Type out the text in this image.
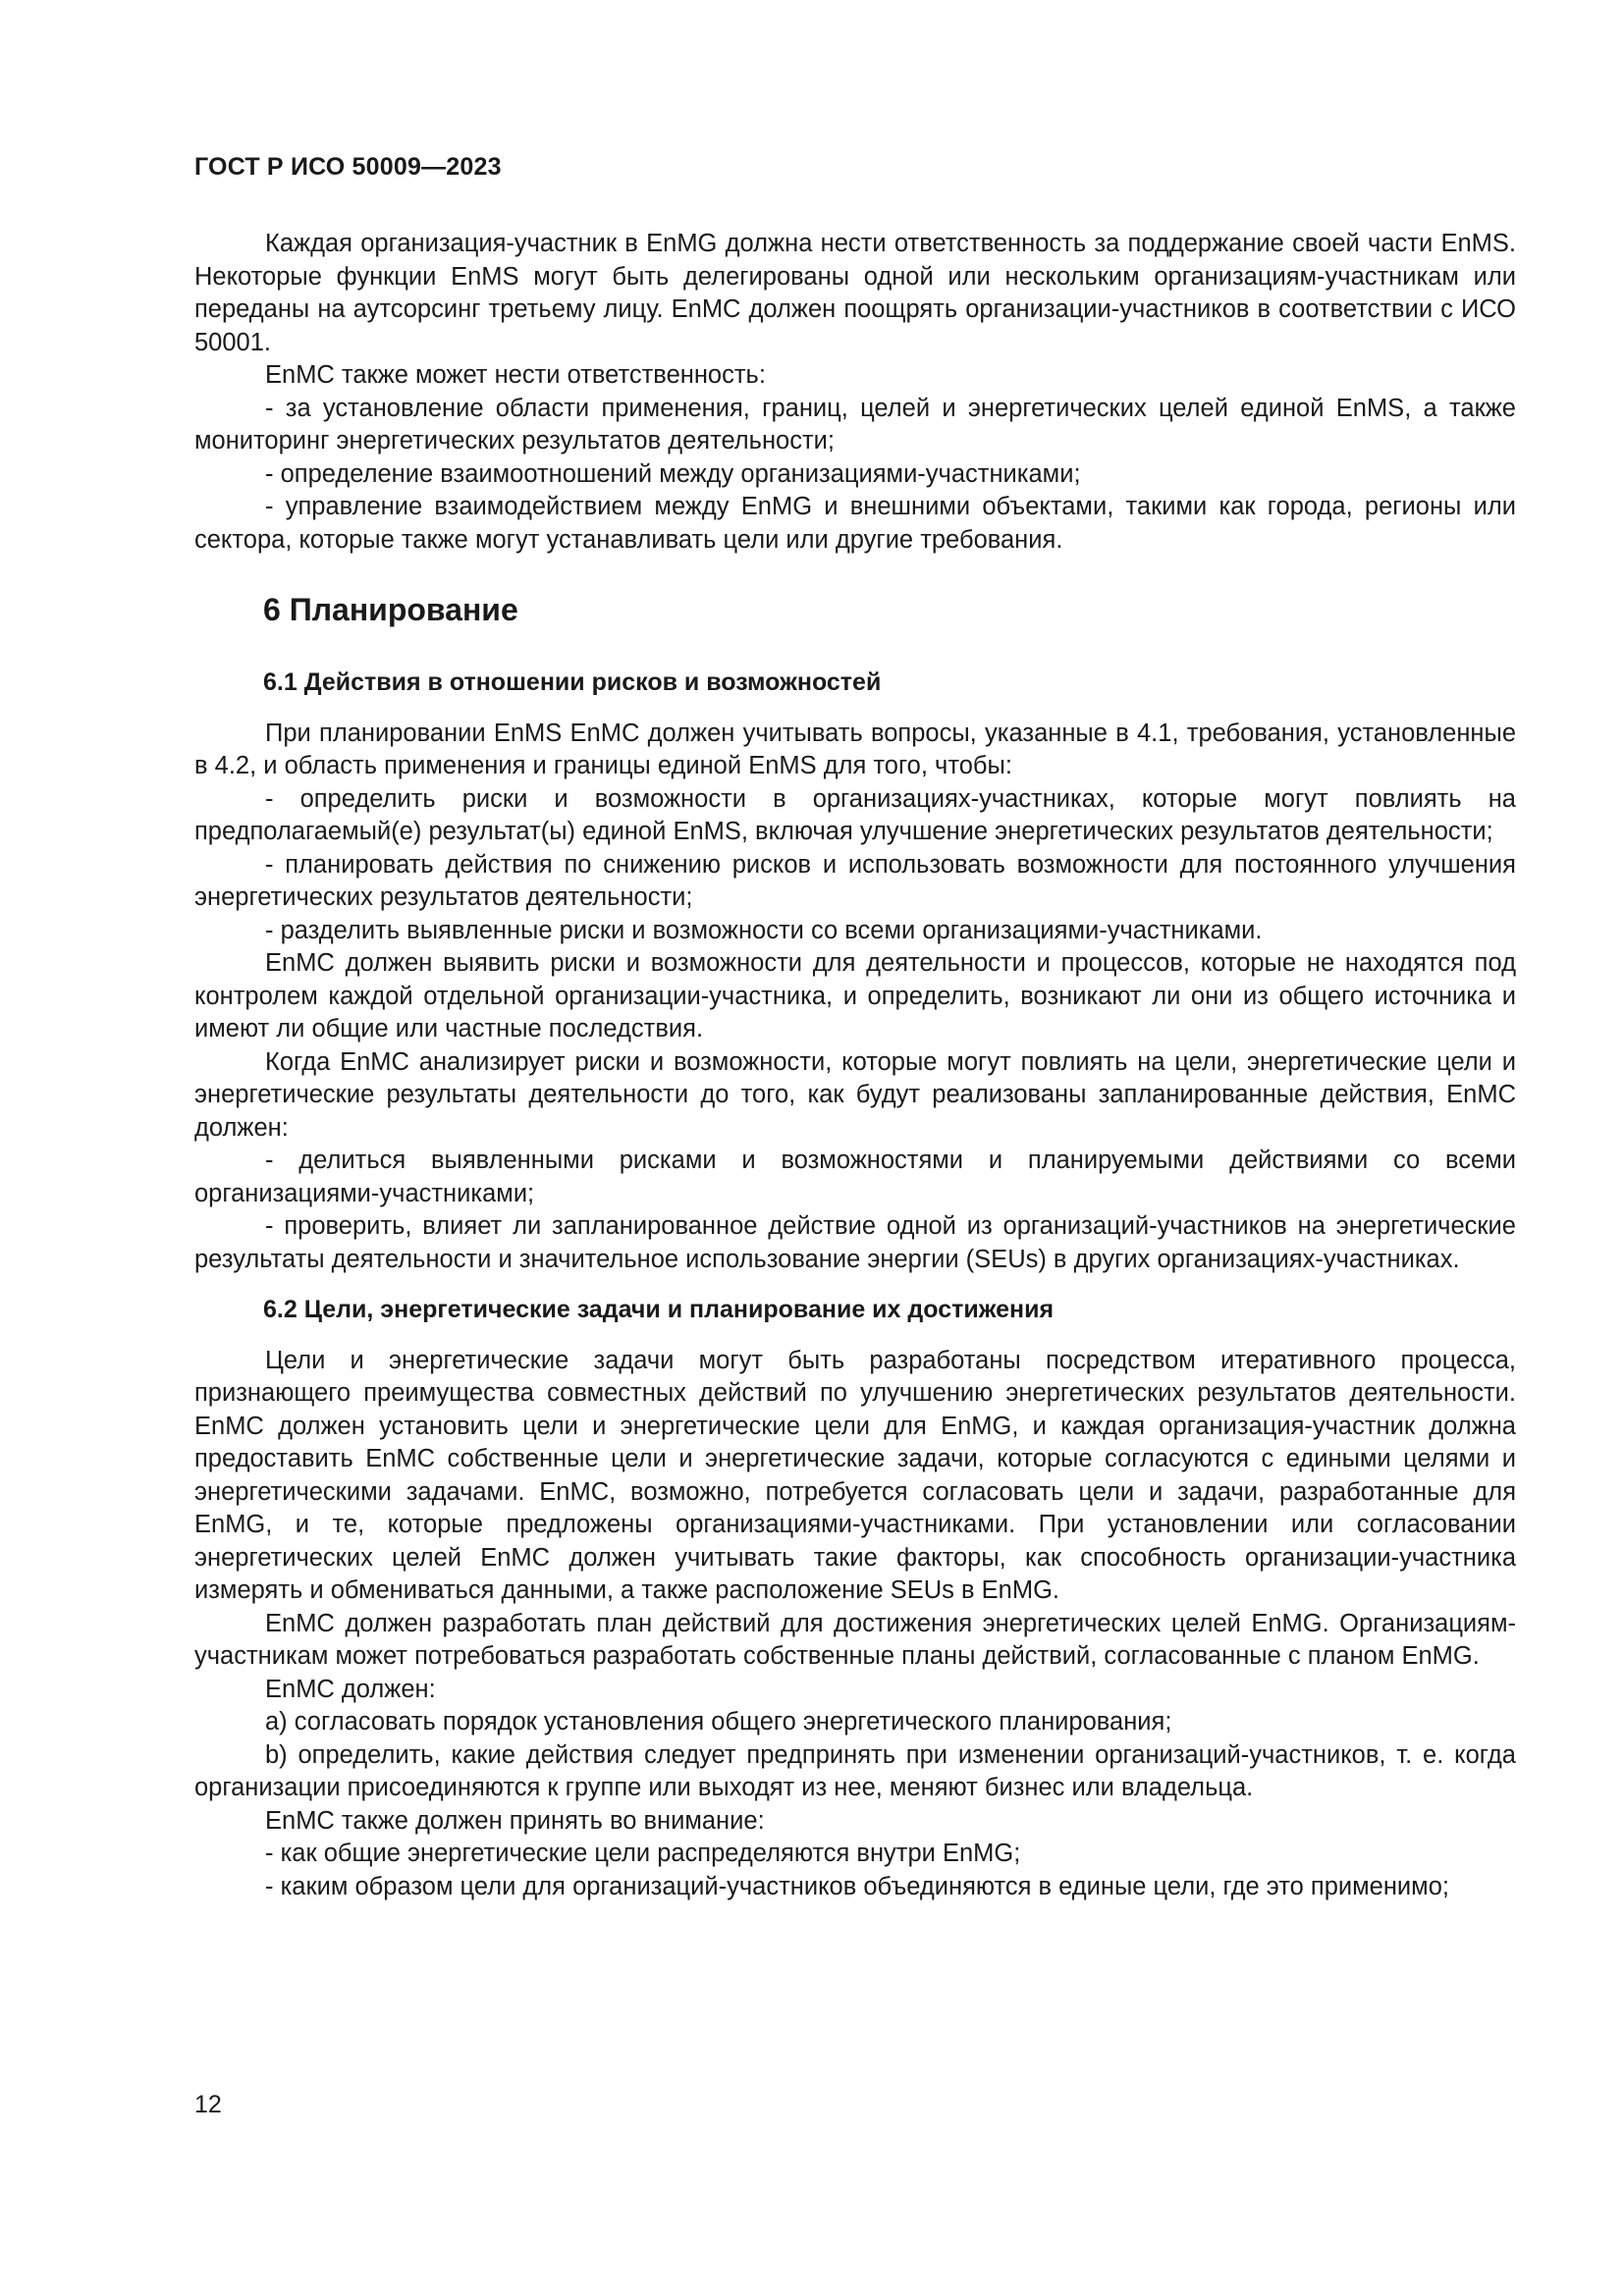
ГОСТ Р ИСО 50009—2023

Каждая организация-участник в EnMG должна нести ответственность за поддержание своей части EnMS. Некоторые функции EnMS могут быть делегированы одной или нескольким организациям-участникам или переданы на аутсорсинг третьему лицу. EnMC должен поощрять организации-участников в соответствии с ИСО 50001.

EnMC также может нести ответственность:

- за установление области применения, границ, целей и энергетических целей единой EnMS, а также мониторинг энергетических результатов деятельности;

- определение взаимоотношений между организациями-участниками;

- управление взаимодействием между EnMG и внешними объектами, такими как города, регионы или сектора, которые также могут устанавливать цели или другие требования.

6 Планирование

6.1 Действия в отношении рисков и возможностей

При планировании EnMS EnMC должен учитывать вопросы, указанные в 4.1, требования, установленные в 4.2, и область применения и границы единой EnMS для того, чтобы:

- определить риски и возможности в организациях-участниках, которые могут повлиять на предполагаемый(е) результат(ы) единой EnMS, включая улучшение энергетических результатов деятельности;

- планировать действия по снижению рисков и использовать возможности для постоянного улучшения энергетических результатов деятельности;

- разделить выявленные риски и возможности со всеми организациями-участниками.

EnMC должен выявить риски и возможности для деятельности и процессов, которые не находятся под контролем каждой отдельной организации-участника, и определить, возникают ли они из общего источника и имеют ли общие или частные последствия.

Когда EnMC анализирует риски и возможности, которые могут повлиять на цели, энергетические цели и энергетические результаты деятельности до того, как будут реализованы запланированные действия, EnMC должен:

- делиться выявленными рисками и возможностями и планируемыми действиями со всеми организациями-участниками;

- проверить, влияет ли запланированное действие одной из организаций-участников на энергетические результаты деятельности и значительное использование энергии (SEUs) в других организациях-участниках.

6.2 Цели, энергетические задачи и планирование их достижения

Цели и энергетические задачи могут быть разработаны посредством итеративного процесса, признающего преимущества совместных действий по улучшению энергетических результатов деятельности. EnMC должен установить цели и энергетические цели для EnMG, и каждая организация-участник должна предоставить EnMC собственные цели и энергетические задачи, которые согласуются с едиными целями и энергетическими задачами. EnMC, возможно, потребуется согласовать цели и задачи, разработанные для EnMG, и те, которые предложены организациями-участниками. При установлении или согласовании энергетических целей EnMC должен учитывать такие факторы, как способность организации-участника измерять и обмениваться данными, а также расположение SEUs в EnMG.

EnMC должен разработать план действий для достижения энергетических целей EnMG. Организациям-участникам может потребоваться разработать собственные планы действий, согласованные с планом EnMG.

EnMC должен:

a) согласовать порядок установления общего энергетического планирования;

b) определить, какие действия следует предпринять при изменении организаций-участников, т. е. когда организации присоединяются к группе или выходят из нее, меняют бизнес или владельца.

EnMC также должен принять во внимание:

- как общие энергетические цели распределяются внутри EnMG;

- каким образом цели для организаций-участников объединяются в единые цели, где это применимо;

12
